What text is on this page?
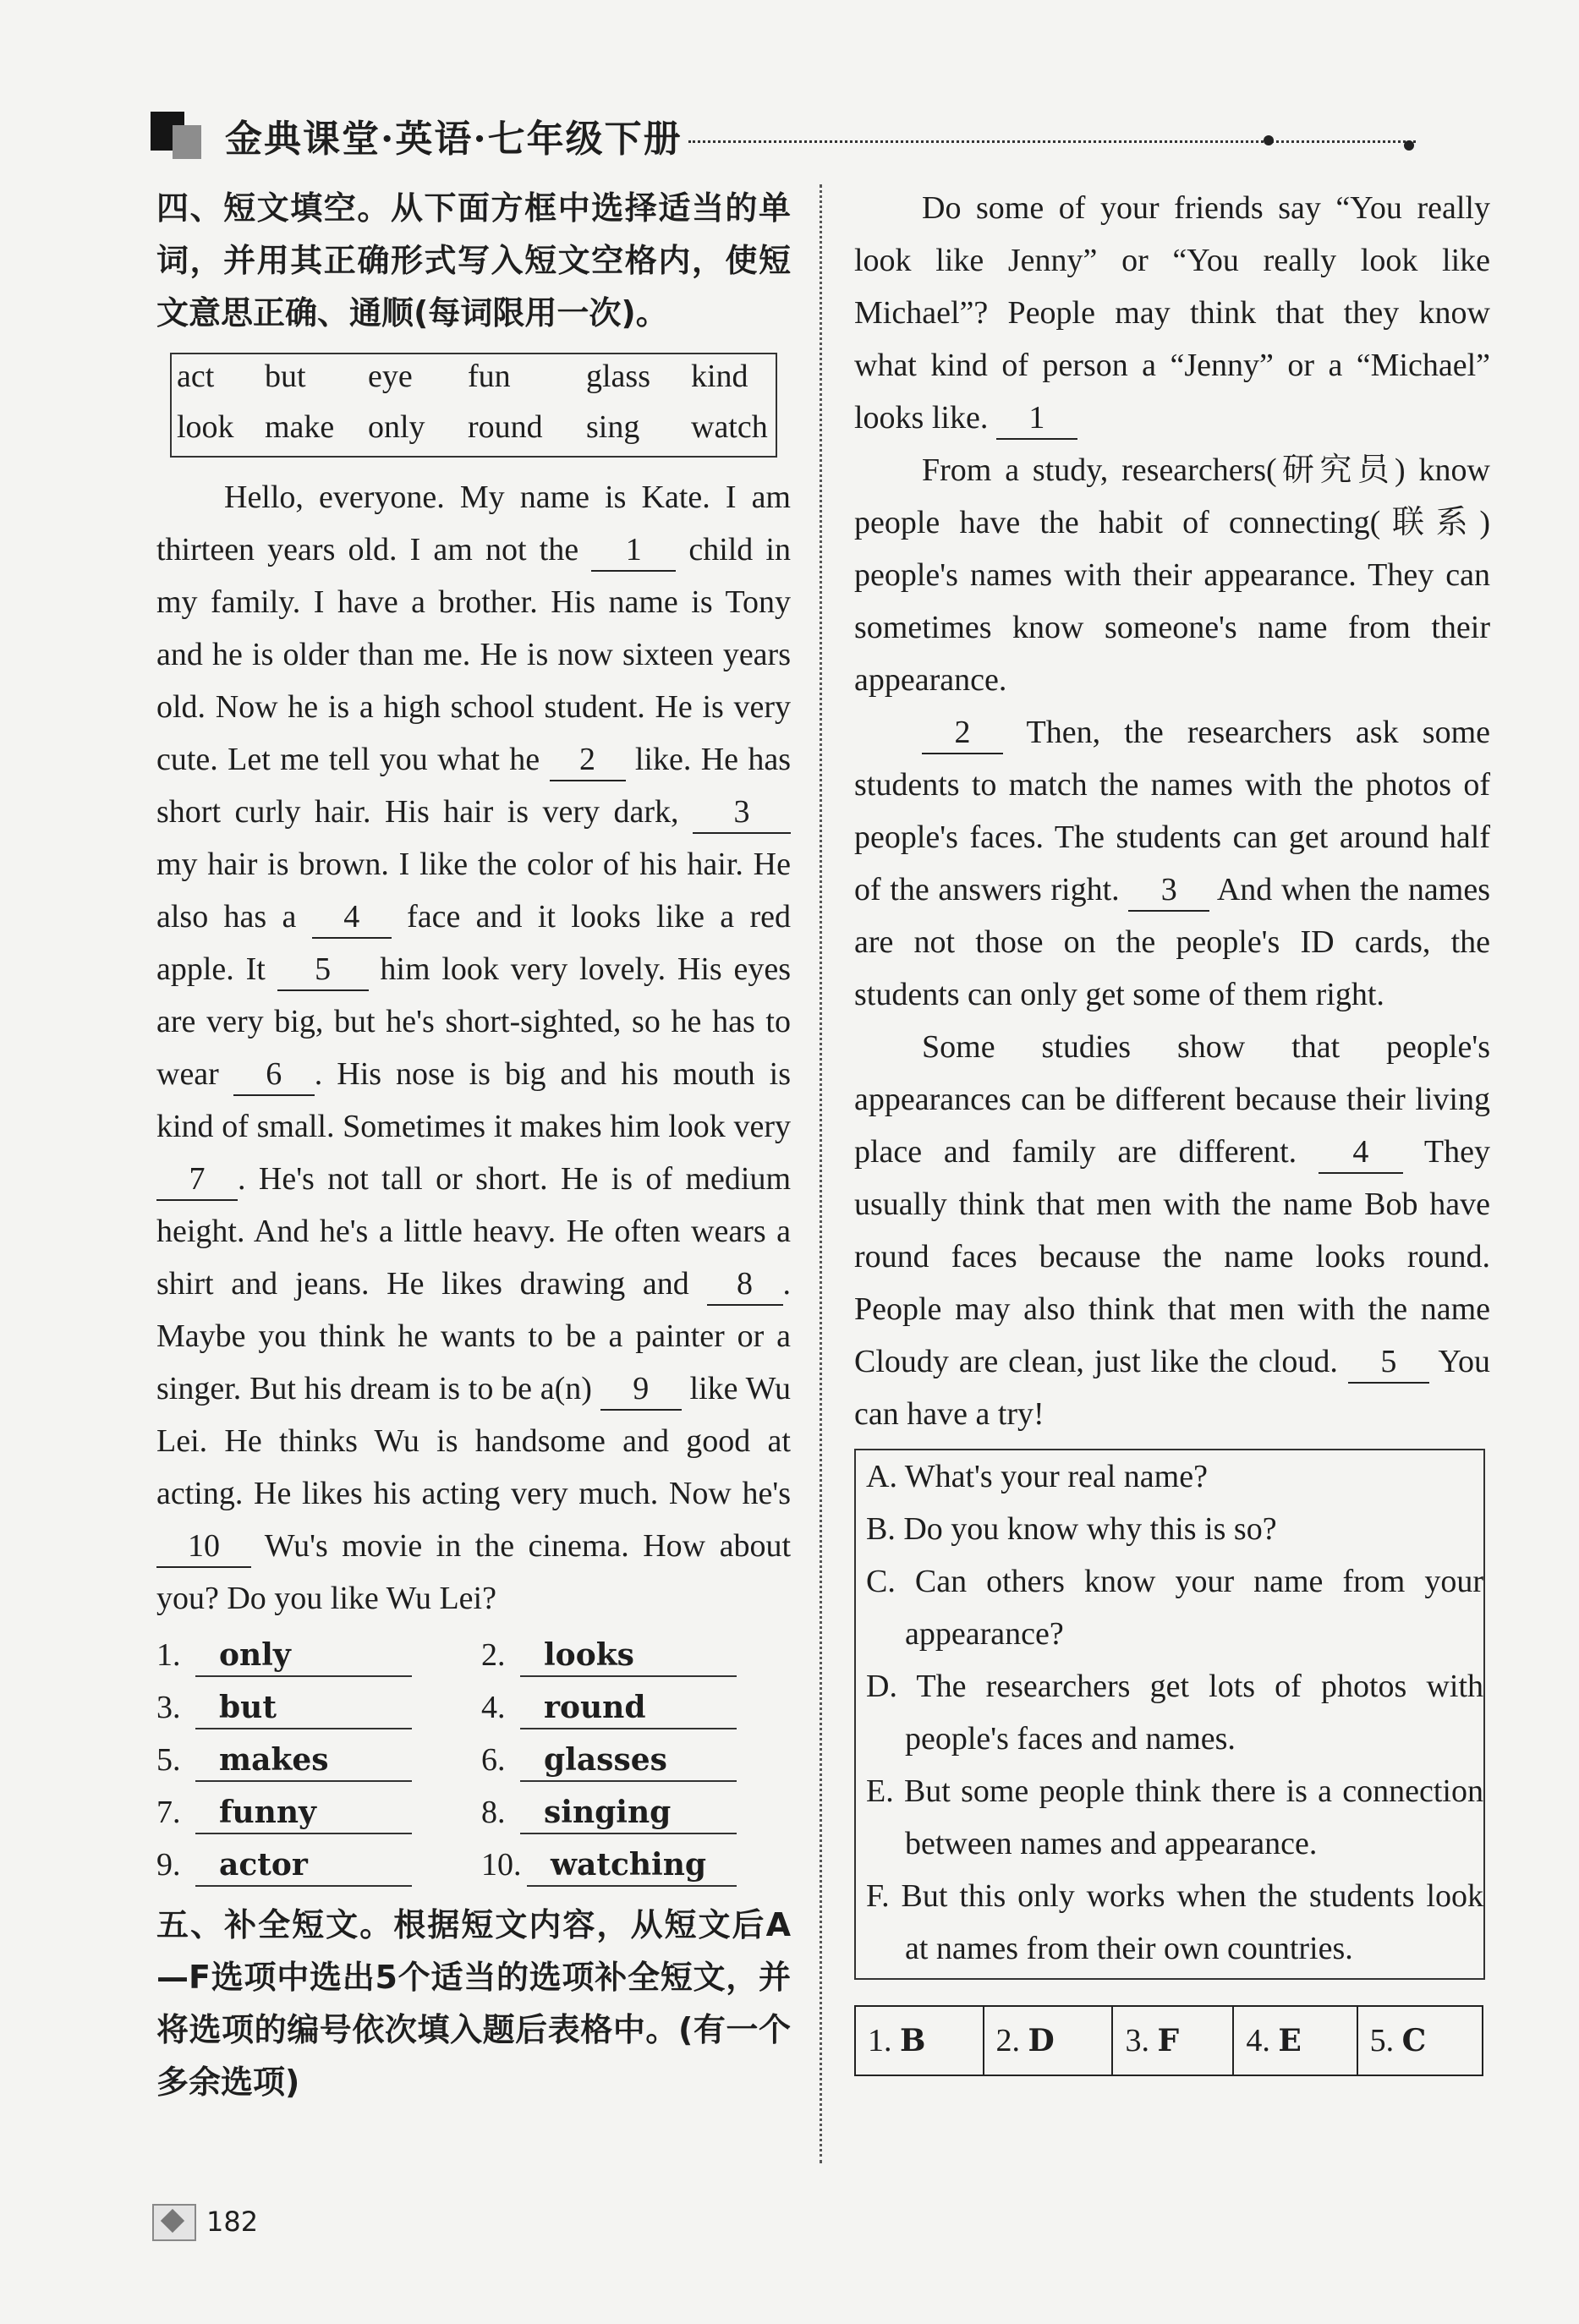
金典课堂·英语·七年级下册

四、短文填空。从下面方框中选择适当的单词，并用其正确形式写入短文空格内，使短文意思正确、通顺(每词限用一次)。

act but eye fun glass kind
look make only round sing watch

Hello, everyone. My name is Kate. I am thirteen years old. I am not the 1 child in my family. I have a brother. His name is Tony and he is older than me. He is now sixteen years old. Now he is a high school student. He is very cute. Let me tell you what he 2 like. He has short curly hair. His hair is very dark, 3 my hair is brown. I like the color of his hair. He also has a 4 face and it looks like a red apple. It 5 him look very lovely. His eyes are very big, but he's short-sighted, so he has to wear 6 . His nose is big and his mouth is kind of small. Sometimes it makes him look very 7 . He's not tall or short. He is of medium height. And he's a little heavy. He often wears a shirt and jeans. He likes drawing and 8 . Maybe you think he wants to be a painter or a singer. But his dream is to be a(n) 9 like Wu Lei. He thinks Wu is handsome and good at acting. He likes his acting very much. Now he's 10 Wu's movie in the cinema. How about you? Do you like Wu Lei?

1. only	2. looks
3. but	4. round
5. makes	6. glasses
7. funny	8. singing
9. actor	10. watching

五、补全短文。根据短文内容，从短文后A—F选项中选出5个适当的选项补全短文，并将选项的编号依次填入题后表格中。(有一个多余选项)

Do some of your friends say “You really look like Jenny” or “You really look like Michael”? People may think that they know what kind of person a “Jenny” or a “Michael” looks like. 1

From a study, researchers(研究员) know people have the habit of connecting(联系) people's names with their appearance. They can sometimes know someone's name from their appearance.

2 Then, the researchers ask some students to match the names with the photos of people's faces. The students can get around half of the answers right. 3 And when the names are not those on the people's ID cards, the students can only get some of them right.

Some studies show that people's appearances can be different because their living place and family are different. 4 They usually think that men with the name Bob have round faces because the name looks round. People may also think that men with the name Cloudy are clean, just like the cloud. 5 You can have a try!

A. What's your real name?

B. Do you know why this is so?

C. Can others know your name from your appearance?

D. The researchers get lots of photos with people's faces and names.

E. But some people think there is a connection between names and appearance.

F. But this only works when the students look at names from their own countries.

1. B	2. D	3. F	4. E	5. C
182
